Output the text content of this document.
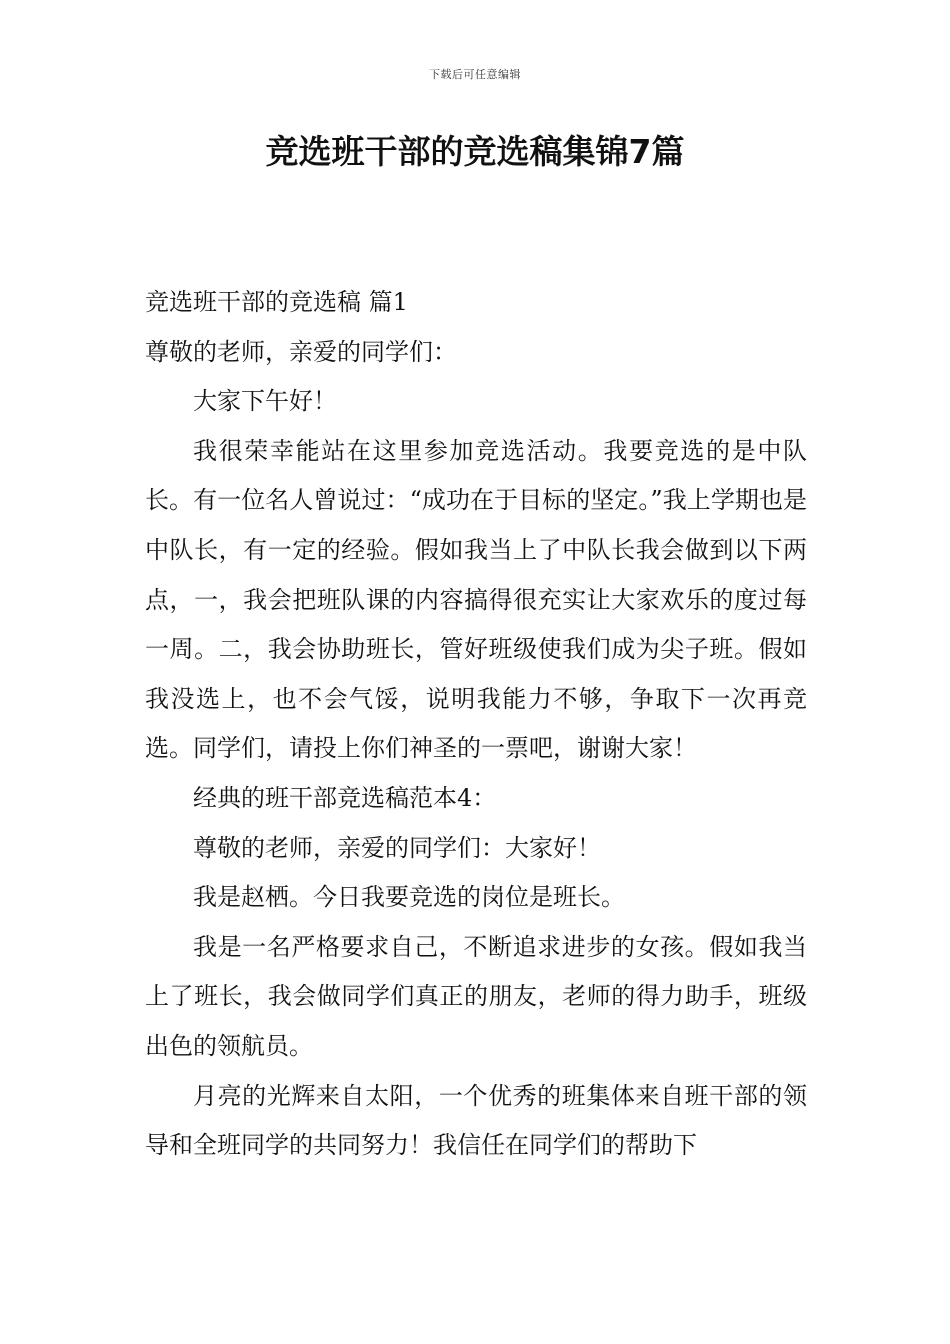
下载后可任意编辑
竞选班干部的竞选稿集锦7篇

竞选班干部的竞选稿 篇1

尊敬的老师，亲爱的同学们：

大家下午好！

我很荣幸能站在这里参加竞选活动。我要竞选的是中队长。有一位名人曾说过：“成功在于目标的坚定。”我上学期也是中队长，有一定的经验。假如我当上了中队长我会做到以下两点，一，我会把班队课的内容搞得很充实让大家欢乐的度过每一周。二，我会协助班长，管好班级使我们成为尖子班。假如我没选上，也不会气馁，说明我能力不够，争取下一次再竞选。同学们，请投上你们神圣的一票吧，谢谢大家！

经典的班干部竞选稿范本4：

尊敬的老师，亲爱的同学们：大家好！

我是赵栖。今日我要竞选的岗位是班长。

我是一名严格要求自己，不断追求进步的女孩。假如我当上了班长，我会做同学们真正的朋友，老师的得力助手，班级出色的领航员。

月亮的光辉来自太阳，一个优秀的班集体来自班干部的领导和全班同学的共同努力！我信任在同学们的帮助下
